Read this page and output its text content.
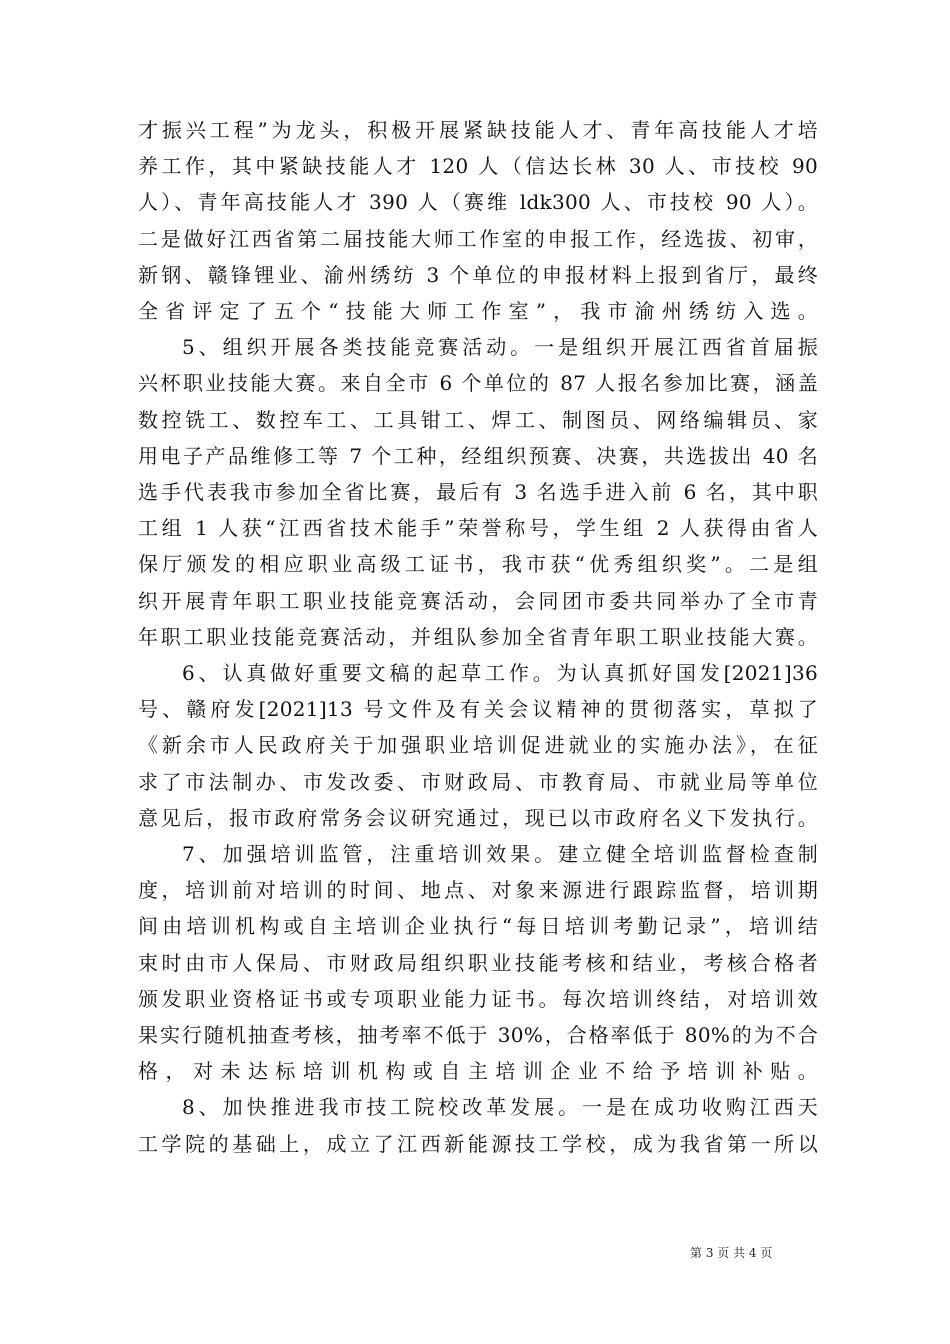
才振兴工程”为龙头，积极开展紧缺技能人才、青年高技能人才培
养工作，其中紧缺技能人才 120 人（信达长林 30 人、市技校 90
人）、青年高技能人才 390 人（赛维 ldk300 人、市技校 90 人）。
二是做好江西省第二届技能大师工作室的申报工作，经选拔、初审，
新钢、赣锋锂业、渝州绣纺 3 个单位的申报材料上报到省厅，最终
全省评定了五个“技能大师工作室”，我市渝州绣纺入选。

5、组织开展各类技能竞赛活动。一是组织开展江西省首届振
兴杯职业技能大赛。来自全市 6 个单位的 87 人报名参加比赛，涵盖
数控铣工、数控车工、工具钳工、焊工、制图员、网络编辑员、家
用电子产品维修工等 7 个工种，经组织预赛、决赛，共选拔出 40 名
选手代表我市参加全省比赛，最后有 3 名选手进入前 6 名，其中职
工组 1 人获“江西省技术能手”荣誉称号，学生组 2 人获得由省人
保厅颁发的相应职业高级工证书，我市获“优秀组织奖”。二是组
织开展青年职工职业技能竞赛活动，会同团市委共同举办了全市青
年职工职业技能竞赛活动，并组队参加全省青年职工职业技能大赛。

6、认真做好重要文稿的起草工作。为认真抓好国发[2021]36
号、赣府发[2021]13 号文件及有关会议精神的贯彻落实，草拟了
《新余市人民政府关于加强职业培训促进就业的实施办法》，在征
求了市法制办、市发改委、市财政局、市教育局、市就业局等单位
意见后，报市政府常务会议研究通过，现已以市政府名义下发执行。

7、加强培训监管，注重培训效果。建立健全培训监督检查制
度，培训前对培训的时间、地点、对象来源进行跟踪监督，培训期
间由培训机构或自主培训企业执行“每日培训考勤记录”，培训结
束时由市人保局、市财政局组织职业技能考核和结业，考核合格者
颁发职业资格证书或专项职业能力证书。每次培训终结，对培训效
果实行随机抽查考核，抽考率不低于 30%，合格率低于 80%的为不合
格，对未达标培训机构或自主培训企业不给予培训补贴。

8、加快推进我市技工院校改革发展。一是在成功收购江西天
工学院的基础上，成立了江西新能源技工学校，成为我省第一所以

第 3 页 共 4 页
